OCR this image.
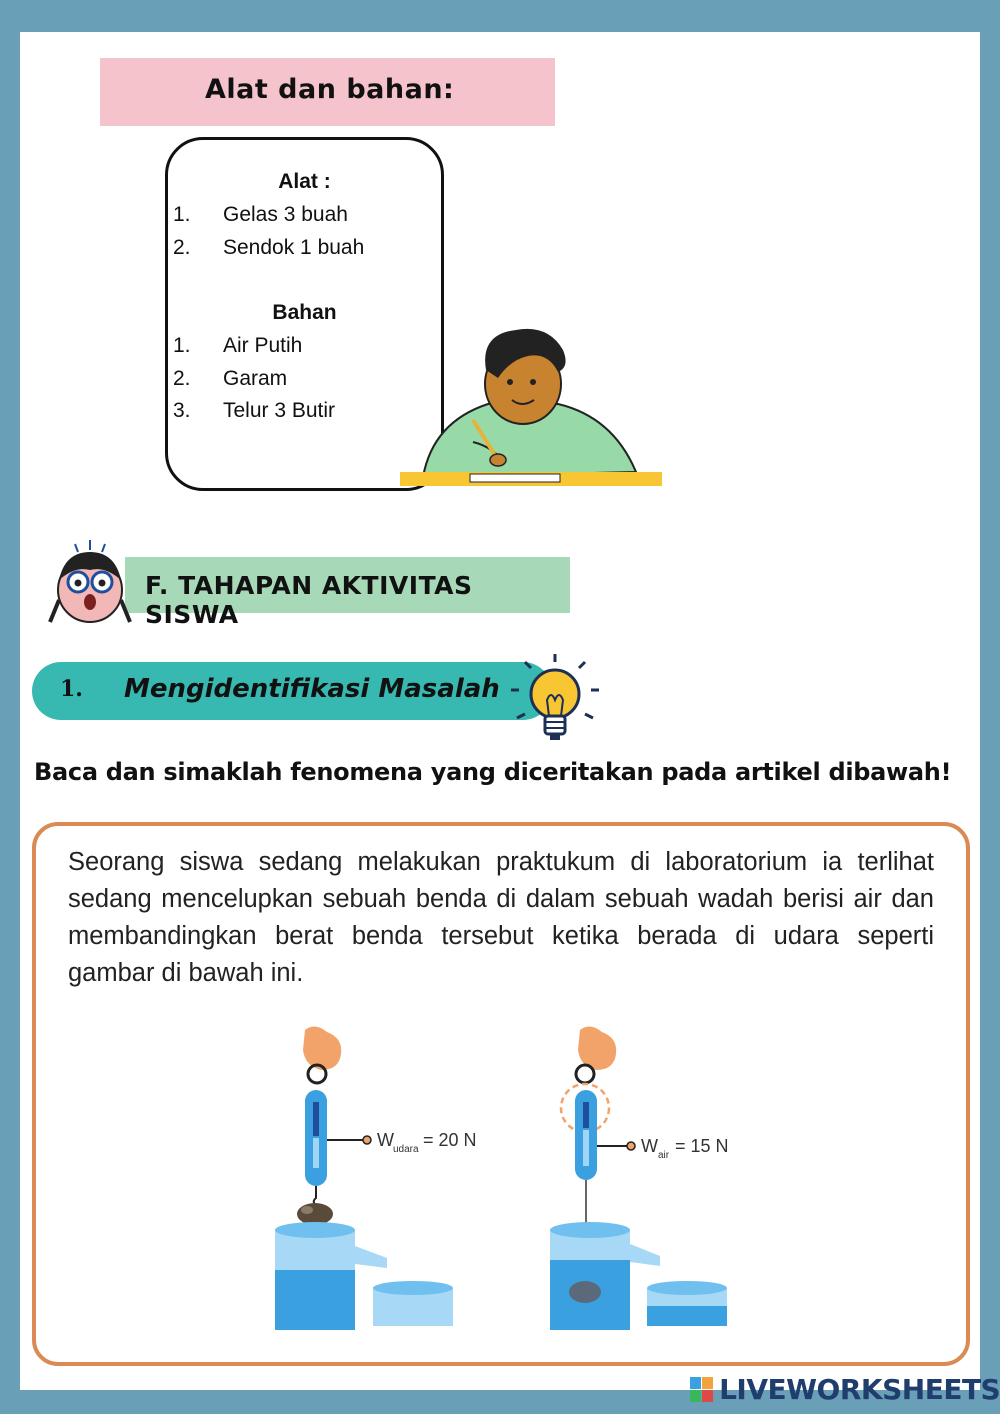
Alat dan bahan:
Alat :
1. Gelas 3 buah
2. Sendok 1 buah
Bahan
1. Air Putih
2. Garam
3. Telur 3 Butir
F. TAHAPAN AKTIVITAS SISWA
1. Mengidentifikasi Masalah
Baca dan simaklah fenomena yang diceritakan pada artikel dibawah!

Seorang siswa sedang melakukan praktukum di laboratorium ia terlihat sedang mencelupkan sebuah benda di dalam sebuah wadah berisi air dan membandingkan berat benda tersebut ketika berada di udara seperti gambar di bawah ini.

W udara = 20 N	W air = 15 N
LIVEWORKSHEETS
